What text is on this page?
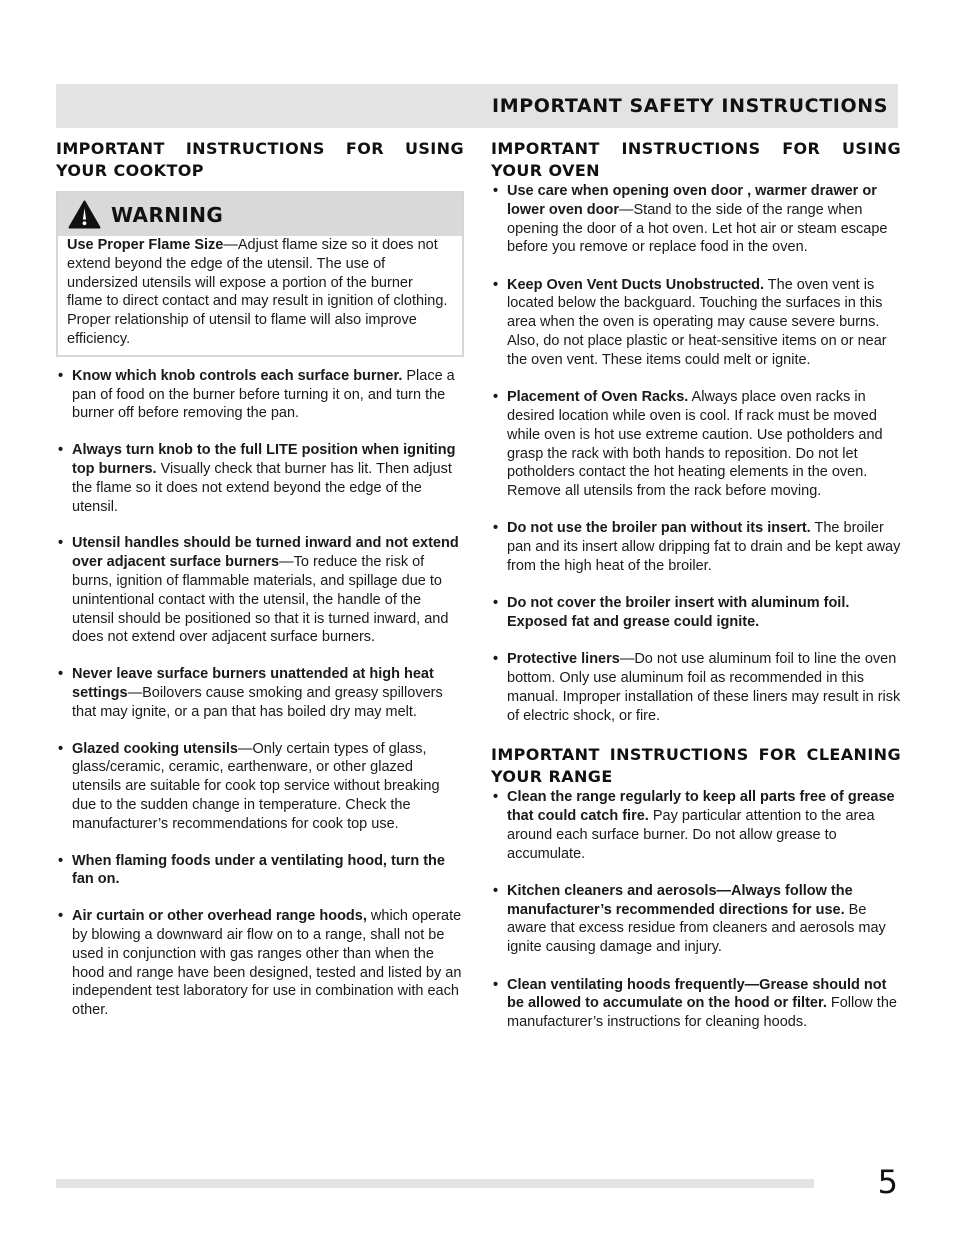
IMPORTANT SAFETY INSTRUCTIONS
IMPORTANT INSTRUCTIONS FOR USING YOUR COOKTOP
WARNING
Use Proper Flame Size—Adjust flame size so it does not extend beyond the edge of the utensil. The use of undersized utensils will expose a portion of the burner flame to direct contact and may result in ignition of clothing. Proper relationship of utensil to flame will also improve efficiency.
• Know which knob controls each surface burner. Place a pan of food on the burner before turning it on, and turn the burner off before removing the pan.
• Always turn knob to the full LITE position when igniting top burners. Visually check that burner has lit. Then adjust the flame so it does not extend beyond the edge of the utensil.
• Utensil handles should be turned inward and not extend over adjacent surface burners—To reduce the risk of burns, ignition of flammable materials, and spillage due to unintentional contact with the utensil, the handle of the utensil should be positioned so that it is turned inward, and does not extend over adjacent surface burners.
• Never leave surface burners unattended at high heat settings—Boilovers cause smoking and greasy spillovers that may ignite, or a pan that has boiled dry may melt.
• Glazed cooking utensils—Only certain types of glass, glass/ceramic, ceramic, earthenware, or other glazed utensils are suitable for cook top service without breaking due to the sudden change in temperature. Check the manufacturer’s recommendations for cook top use.
• When flaming foods under a ventilating hood, turn the fan on.
• Air curtain or other overhead range hoods, which operate by blowing a downward air flow on to a range, shall not be used in conjunction with gas ranges other than when the hood and range have been designed, tested and listed by an independent test laboratory for use in combination with each other.
IMPORTANT INSTRUCTIONS FOR USING YOUR OVEN
• Use care when opening oven door , warmer drawer or lower oven door—Stand to the side of the range when opening the door of a hot oven. Let hot air or steam escape before you remove or replace food in the oven.
• Keep Oven Vent Ducts Unobstructed. The oven vent is located below the backguard. Touching the surfaces in this area when the oven is operating may cause severe burns. Also, do not place plastic or heat-sensitive items on or near the oven vent. These items could melt or ignite.
• Placement of Oven Racks. Always place oven racks in desired location while oven is cool. If rack must be moved while oven is hot use extreme caution. Use potholders and grasp the rack with both hands to reposition. Do not let potholders contact the hot heating elements in the oven. Remove all utensils from the rack before moving.
• Do not use the broiler pan without its insert. The broiler pan and its insert allow dripping fat to drain and be kept away from the high heat of the broiler.
• Do not cover the broiler insert with aluminum foil. Exposed fat and grease could ignite.
• Protective liners—Do not use aluminum foil to line the oven bottom. Only use aluminum foil as recommended in this manual. Improper installation of these liners may result in risk of electric shock, or fire.
IMPORTANT INSTRUCTIONS FOR CLEANING YOUR RANGE
• Clean the range regularly to keep all parts free of grease that could catch fire. Pay particular attention to the area around each surface burner. Do not allow grease to accumulate.
• Kitchen cleaners and aerosols—Always follow the manufacturer’s recommended directions for use. Be aware that excess residue from cleaners and aerosols may ignite causing damage and injury.
• Clean ventilating hoods frequently—Grease should not be allowed to accumulate on the hood or filter. Follow the manufacturer’s instructions for cleaning hoods.

5
